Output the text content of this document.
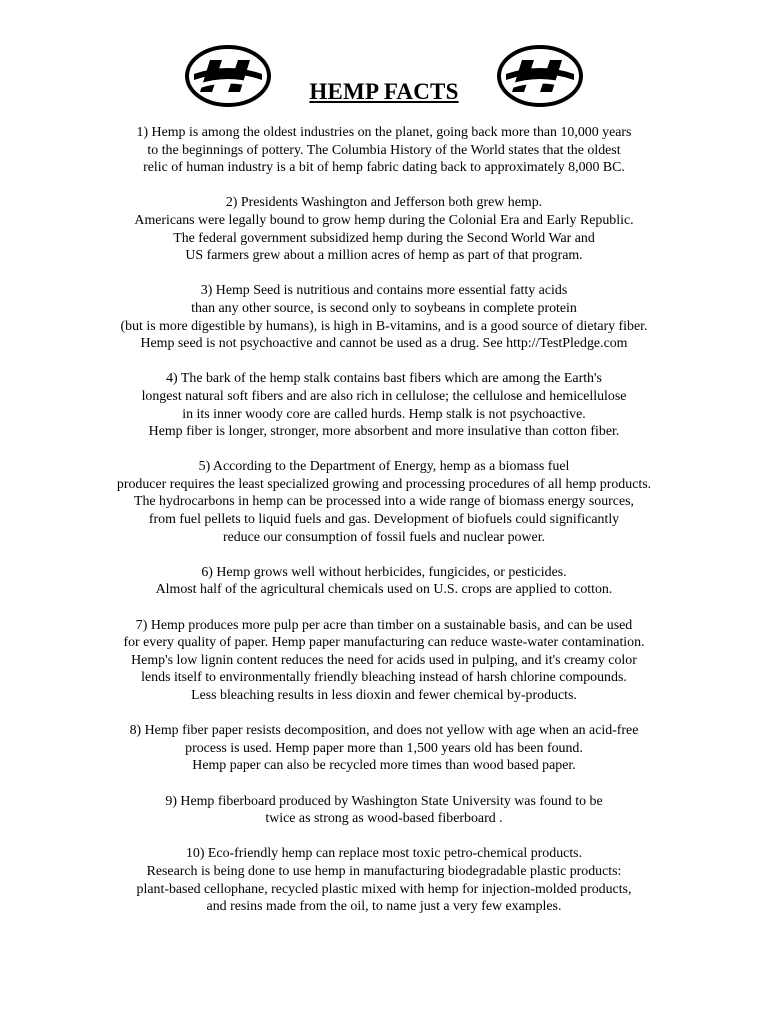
HEMP FACTS
1) Hemp is among the oldest industries on the planet, going back more than 10,000 years
to the beginnings of pottery. The Columbia History of the World states that the oldest
relic of human industry is a bit of hemp fabric dating back to approximately 8,000 BC.
2) Presidents Washington and Jefferson both grew hemp.
Americans were legally bound to grow hemp during the Colonial Era and Early Republic.
The federal government subsidized hemp during the Second World War and
US farmers grew about a million acres of hemp as part of that program.
3) Hemp Seed is nutritious and contains more essential fatty acids
than any other source, is second only to soybeans in complete protein
(but is more digestible by humans), is high in B-vitamins, and is a good source of dietary fiber.
Hemp seed is not psychoactive and cannot be used as a drug. See http://TestPledge.com
4) The bark of the hemp stalk contains bast fibers which are among the Earth's
longest natural soft fibers and are also rich in cellulose; the cellulose and hemicellulose
in its inner woody core are called hurds. Hemp stalk is not psychoactive.
Hemp fiber is longer, stronger, more absorbent and more insulative than cotton fiber.
5) According to the Department of Energy, hemp as a biomass fuel
producer requires the least specialized growing and processing procedures of all hemp products.
The hydrocarbons in hemp can be processed into a wide range of biomass energy sources,
from fuel pellets to liquid fuels and gas. Development of biofuels could significantly
reduce our consumption of fossil fuels and nuclear power.
6) Hemp grows well without herbicides, fungicides, or pesticides.
Almost half of the agricultural chemicals used on U.S. crops are applied to cotton.
7) Hemp produces more pulp per acre than timber on a sustainable basis, and can be used
for every quality of paper. Hemp paper manufacturing can reduce waste-water contamination.
Hemp's low lignin content reduces the need for acids used in pulping, and it's creamy color
lends itself to environmentally friendly bleaching instead of harsh chlorine compounds.
Less bleaching results in less dioxin and fewer chemical by-products.
8) Hemp fiber paper resists decomposition, and does not yellow with age when an acid-free
process is used. Hemp paper more than 1,500 years old has been found.
Hemp paper can also be recycled more times than wood based paper.
9) Hemp fiberboard produced by Washington State University was found to be
twice as strong as wood-based fiberboard .
10) Eco-friendly hemp can replace most toxic petro-chemical products.
Research is being done to use hemp in manufacturing biodegradable plastic products:
plant-based cellophane, recycled plastic mixed with hemp for injection-molded products,
and resins made from the oil, to name just a very few examples.
